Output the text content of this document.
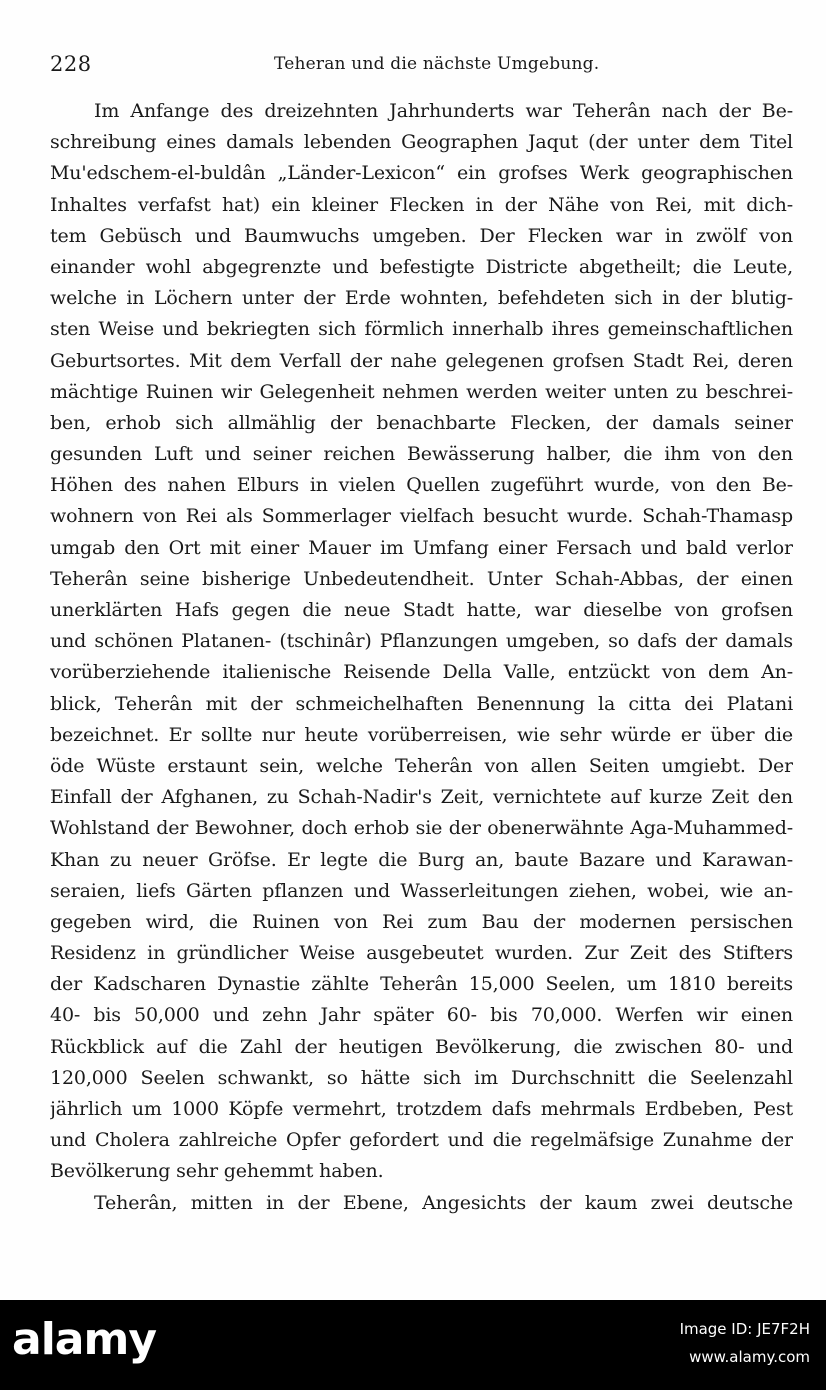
228	Teheran und die nächste Umgebung.
Im Anfange des dreizehnten Jahrhunderts war Teherân nach der Be-
schreibung eines damals lebenden Geographen Jaqut (der unter dem Titel
Mu'edschem-el-buldân „Länder-Lexicon“ ein grofses Werk geographischen
Inhaltes verfafst hat) ein kleiner Flecken in der Nähe von Rei, mit dich-
tem Gebüsch und Baumwuchs umgeben. Der Flecken war in zwölf von
einander wohl abgegrenzte und befestigte Districte abgetheilt; die Leute,
welche in Löchern unter der Erde wohnten, befehdeten sich in der blutig-
sten Weise und bekriegten sich förmlich innerhalb ihres gemeinschaftlichen
Geburtsortes. Mit dem Verfall der nahe gelegenen grofsen Stadt Rei, deren
mächtige Ruinen wir Gelegenheit nehmen werden weiter unten zu beschrei-
ben, erhob sich allmählig der benachbarte Flecken, der damals seiner
gesunden Luft und seiner reichen Bewässerung halber, die ihm von den
Höhen des nahen Elburs in vielen Quellen zugeführt wurde, von den Be-
wohnern von Rei als Sommerlager vielfach besucht wurde. Schah-Thamasp
umgab den Ort mit einer Mauer im Umfang einer Fersach und bald verlor
Teherân seine bisherige Unbedeutendheit. Unter Schah-Abbas, der einen
unerklärten Hafs gegen die neue Stadt hatte, war dieselbe von grofsen
und schönen Platanen- (tschinâr) Pflanzungen umgeben, so dafs der damals
vorüberziehende italienische Reisende Della Valle, entzückt von dem An-
blick, Teherân mit der schmeichelhaften Benennung la citta dei Platani
bezeichnet. Er sollte nur heute vorüberreisen, wie sehr würde er über die
öde Wüste erstaunt sein, welche Teherân von allen Seiten umgiebt. Der
Einfall der Afghanen, zu Schah-Nadir's Zeit, vernichtete auf kurze Zeit den
Wohlstand der Bewohner, doch erhob sie der obenerwähnte Aga-Muhammed-
Khan zu neuer Gröfse. Er legte die Burg an, baute Bazare und Karawan-
seraien, liefs Gärten pflanzen und Wasserleitungen ziehen, wobei, wie an-
gegeben wird, die Ruinen von Rei zum Bau der modernen persischen
Residenz in gründlicher Weise ausgebeutet wurden. Zur Zeit des Stifters
der Kadscharen Dynastie zählte Teherân 15,000 Seelen, um 1810 bereits
40- bis 50,000 und zehn Jahr später 60- bis 70,000. Werfen wir einen
Rückblick auf die Zahl der heutigen Bevölkerung, die zwischen 80- und
120,000 Seelen schwankt, so hätte sich im Durchschnitt die Seelenzahl
jährlich um 1000 Köpfe vermehrt, trotzdem dafs mehrmals Erdbeben, Pest
und Cholera zahlreiche Opfer gefordert und die regelmäfsige Zunahme der
Bevölkerung sehr gehemmt haben.
Teherân, mitten in der Ebene, Angesichts der kaum zwei deutsche
alamy	Image ID: JE7F2H
www.alamy.com
